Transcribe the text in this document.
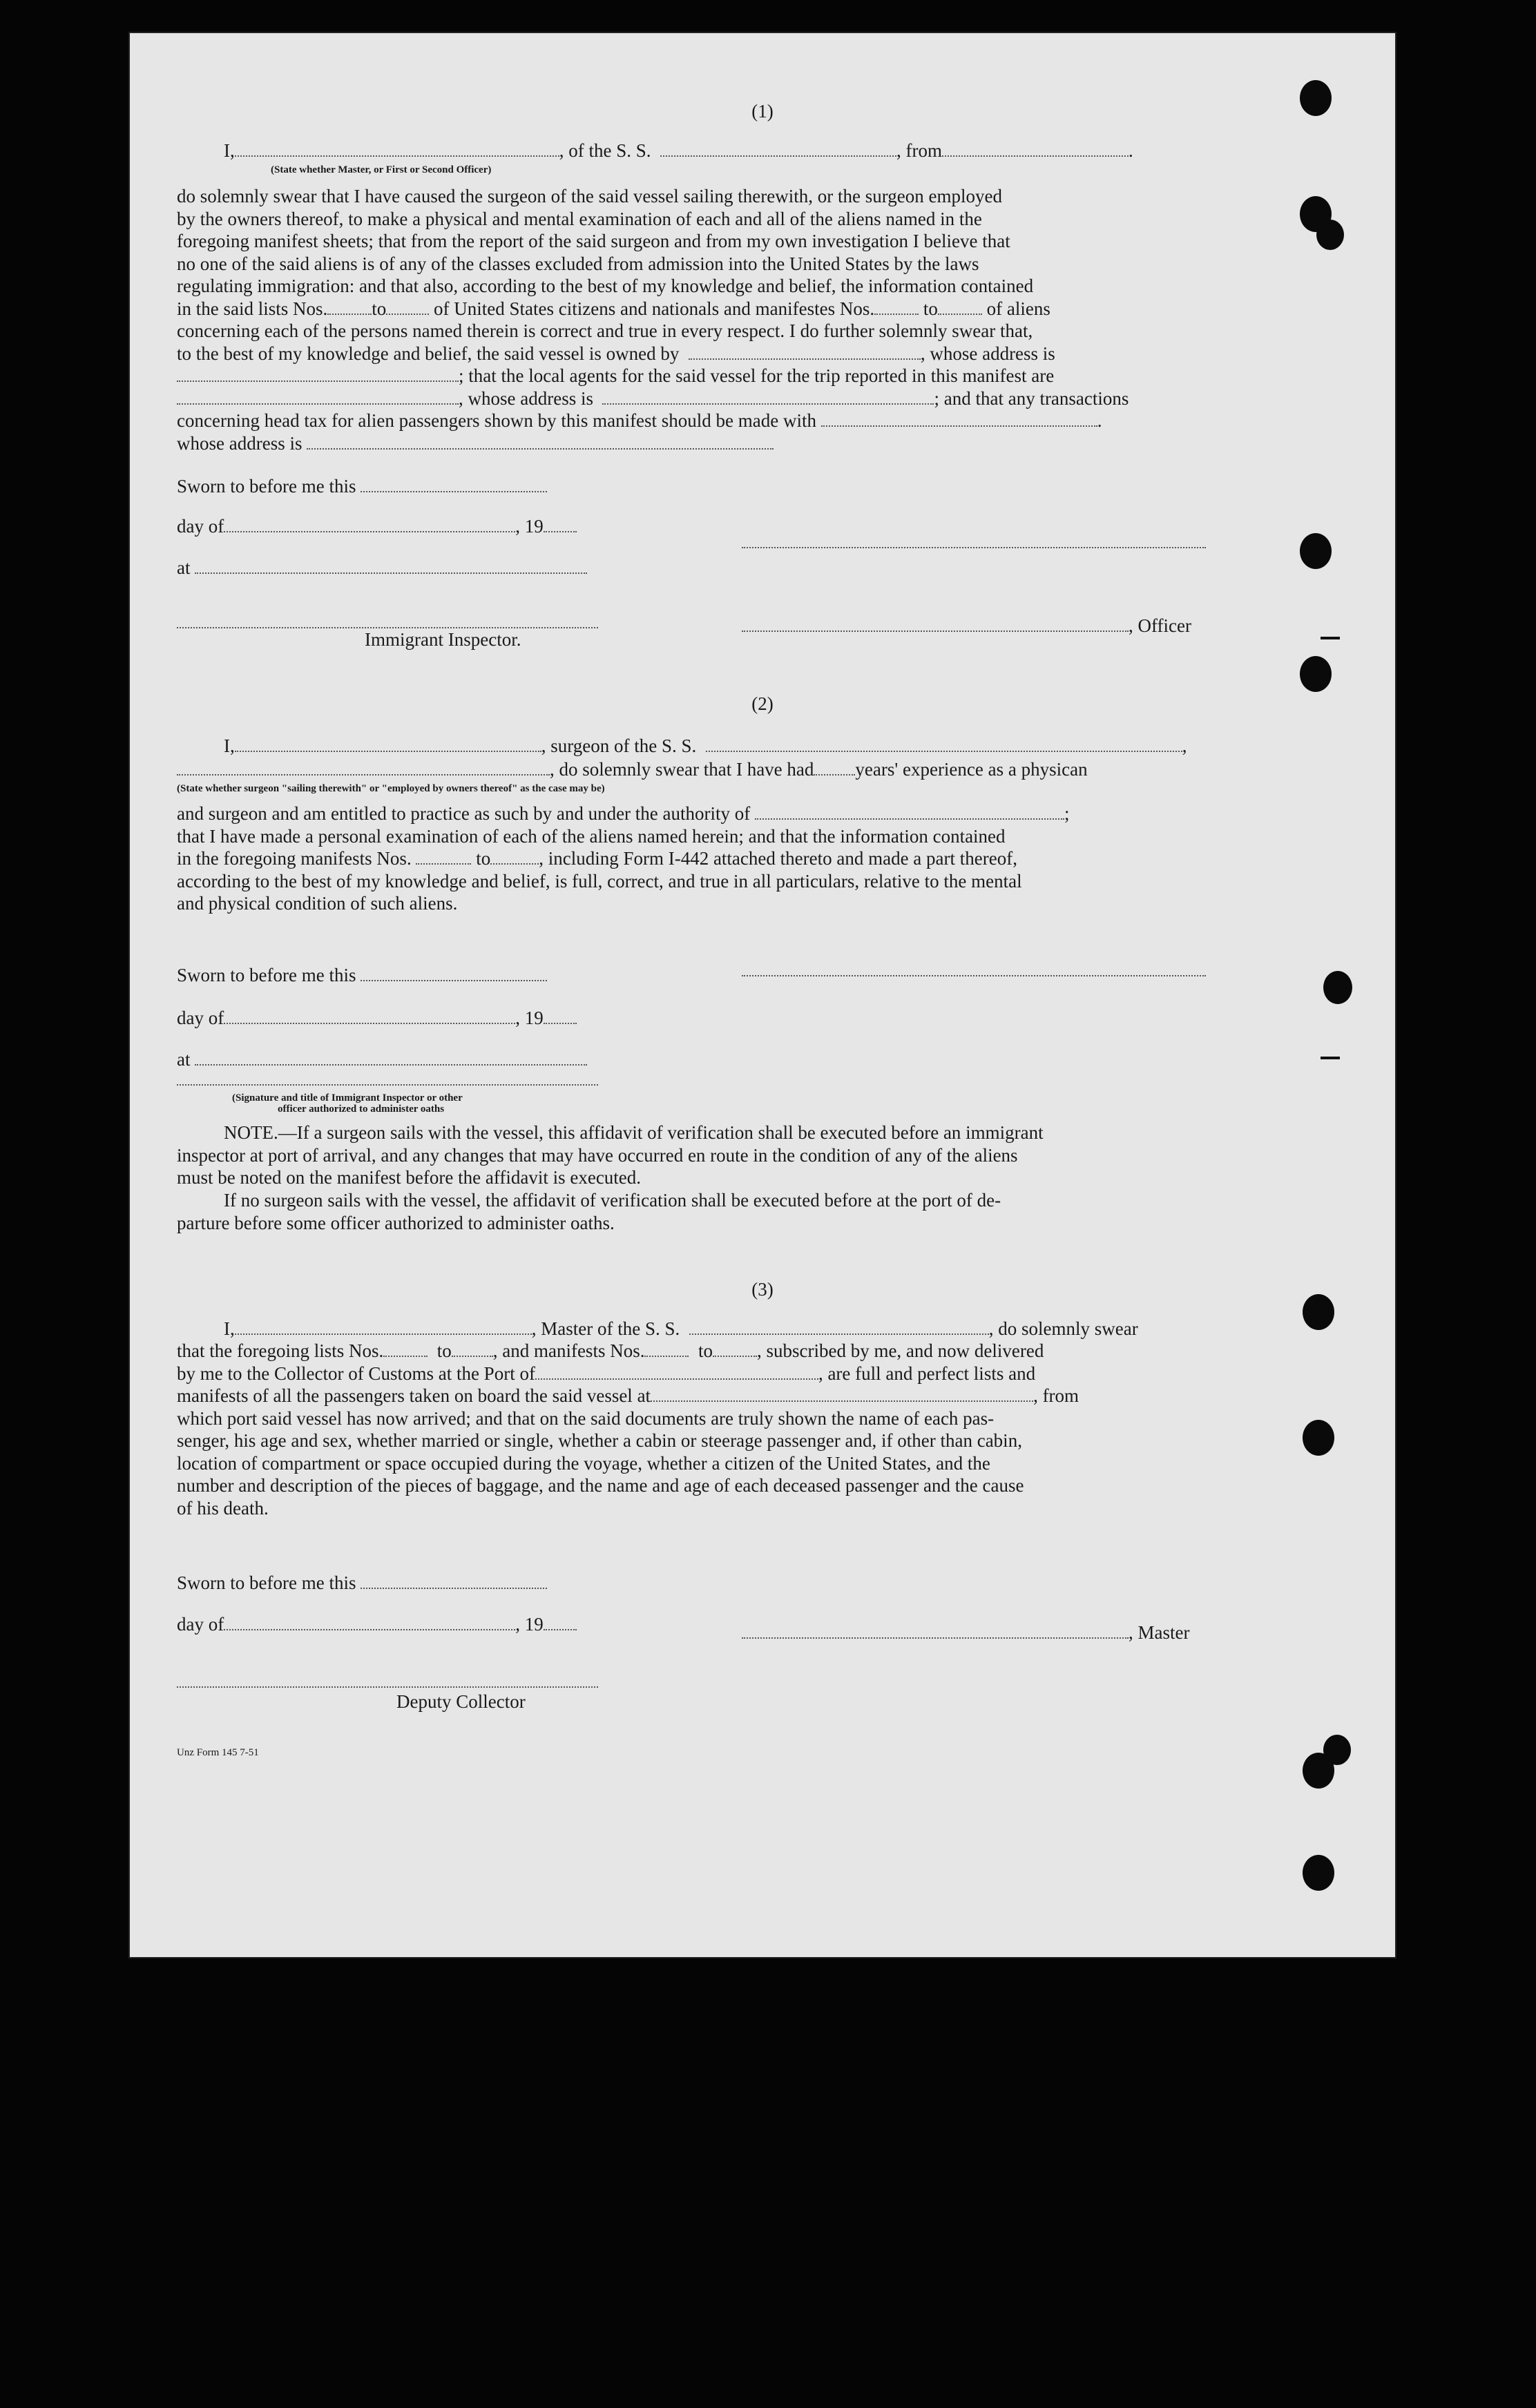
(1)
I,	, of the S. S.	, from	.
(State whether Master, or First or Second Officer)
do solemnly swear that I have caused the surgeon of the said vessel sailing therewith, or the surgeon employed
by the owners thereof, to make a physical and mental examination of each and all of the aliens named in the
foregoing manifest sheets; that from the report of the said surgeon and from my own investigation I believe that
no one of the said aliens is of any of the classes excluded from admission into the United States by the laws
regulating immigration: and that also, according to the best of my knowledge and belief, the information contained
in the said lists Nos. to	of United States citizens and nationals and manifestes Nos.	to	of aliens
concerning each of the persons named therein is correct and true in every respect. I do further solemnly swear that,
to the best of my knowledge and belief, the said vessel is owned by	, whose address is
; that the local agents for the said vessel for the trip reported in this manifest are
, whose address is	; and that any transactions
concerning head tax for alien passengers shown by this manifest should be made with	.
whose address is
Sworn to before me this
day of	, 19
at
, Officer
Immigrant Inspector.
(2)
I,	, surgeon of the S. S.	,
, do solemnly swear that I have had years' experience as a physican
(State whether surgeon "sailing therewith" or "employed by owners thereof" as the case may be)
and surgeon and am entitled to practice as such by and under the authority of	;
that I have made a personal examination of each of the aliens named herein; and that the information contained
in the foregoing manifests Nos.	to	, including Form I-442 attached thereto and made a part thereof,
according to the best of my knowledge and belief, is full, correct, and true in all particulars, relative to the mental
and physical condition of such aliens.
Sworn to before me this
day of	, 19
at
(Signature and title of Immigrant Inspector or other
officer authorized to administer oaths
NOTE.—If a surgeon sails with the vessel, this affidavit of verification shall be executed before an immigrant
inspector at port of arrival, and any changes that may have occurred en route in the condition of any of the aliens
must be noted on the manifest before the affidavit is executed.
If no surgeon sails with the vessel, the affidavit of verification shall be executed before at the port of de-
parture before some officer authorized to administer oaths.
(3)
I,	, Master of the S. S.	, do solemnly swear
that the foregoing lists Nos.	to , and manifests Nos.	to , subscribed by me, and now delivered
by me to the Collector of Customs at the Port of	, are full and perfect lists and
manifests of all the passengers taken on board the said vessel at	, from
which port said vessel has now arrived; and that on the said documents are truly shown the name of each pas-
senger, his age and sex, whether married or single, whether a cabin or steerage passenger and, if other than cabin,
location of compartment or space occupied during the voyage, whether a citizen of the United States, and the
number and description of the pieces of baggage, and the name and age of each deceased passenger and the cause
of his death.
Sworn to before me this
day of	, 19	, Master
Deputy Collector
Unz Form 145 7-51
